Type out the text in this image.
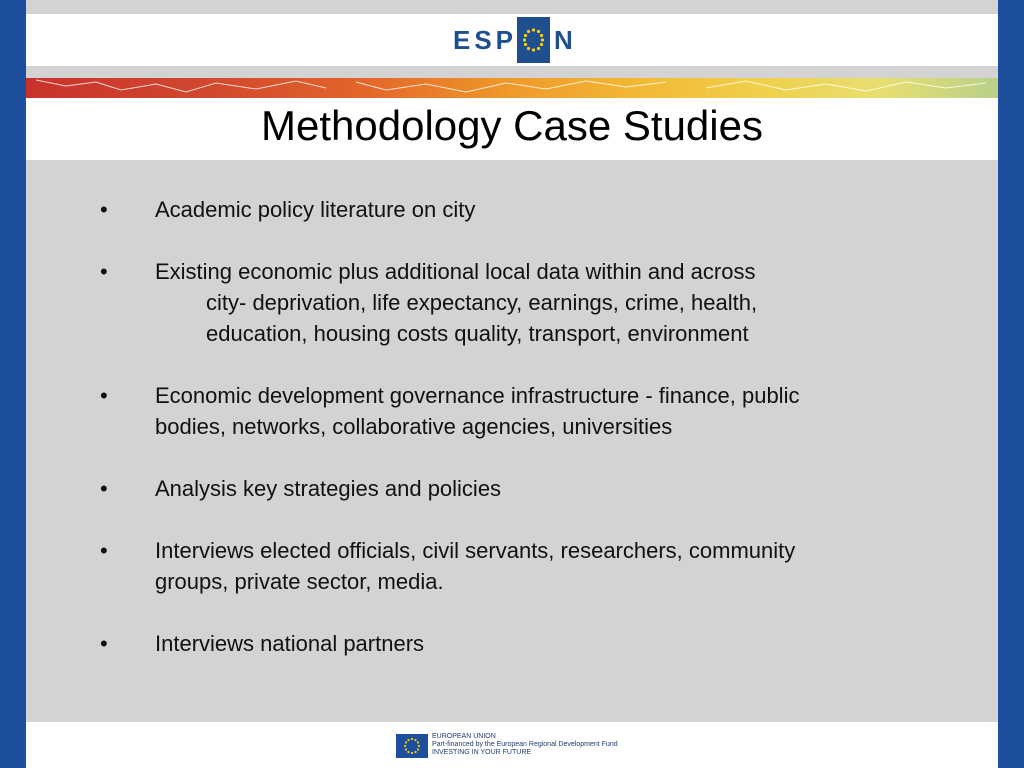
ESP N
Methodology Case Studies
•	Academic policy literature on city
•	Existing economic plus additional local data within and across
city- deprivation, life expectancy, earnings, crime, health,
education, housing costs quality, transport, environment
•	Economic development governance infrastructure - finance, public
bodies, networks, collaborative agencies, universities
•	Analysis key strategies and policies
•	Interviews elected officials, civil servants, researchers, community
groups, private sector, media.
•	Interviews national partners
EUROPEAN UNION
Part-financed by the European Regional Development Fund
INVESTING IN YOUR FUTURE
